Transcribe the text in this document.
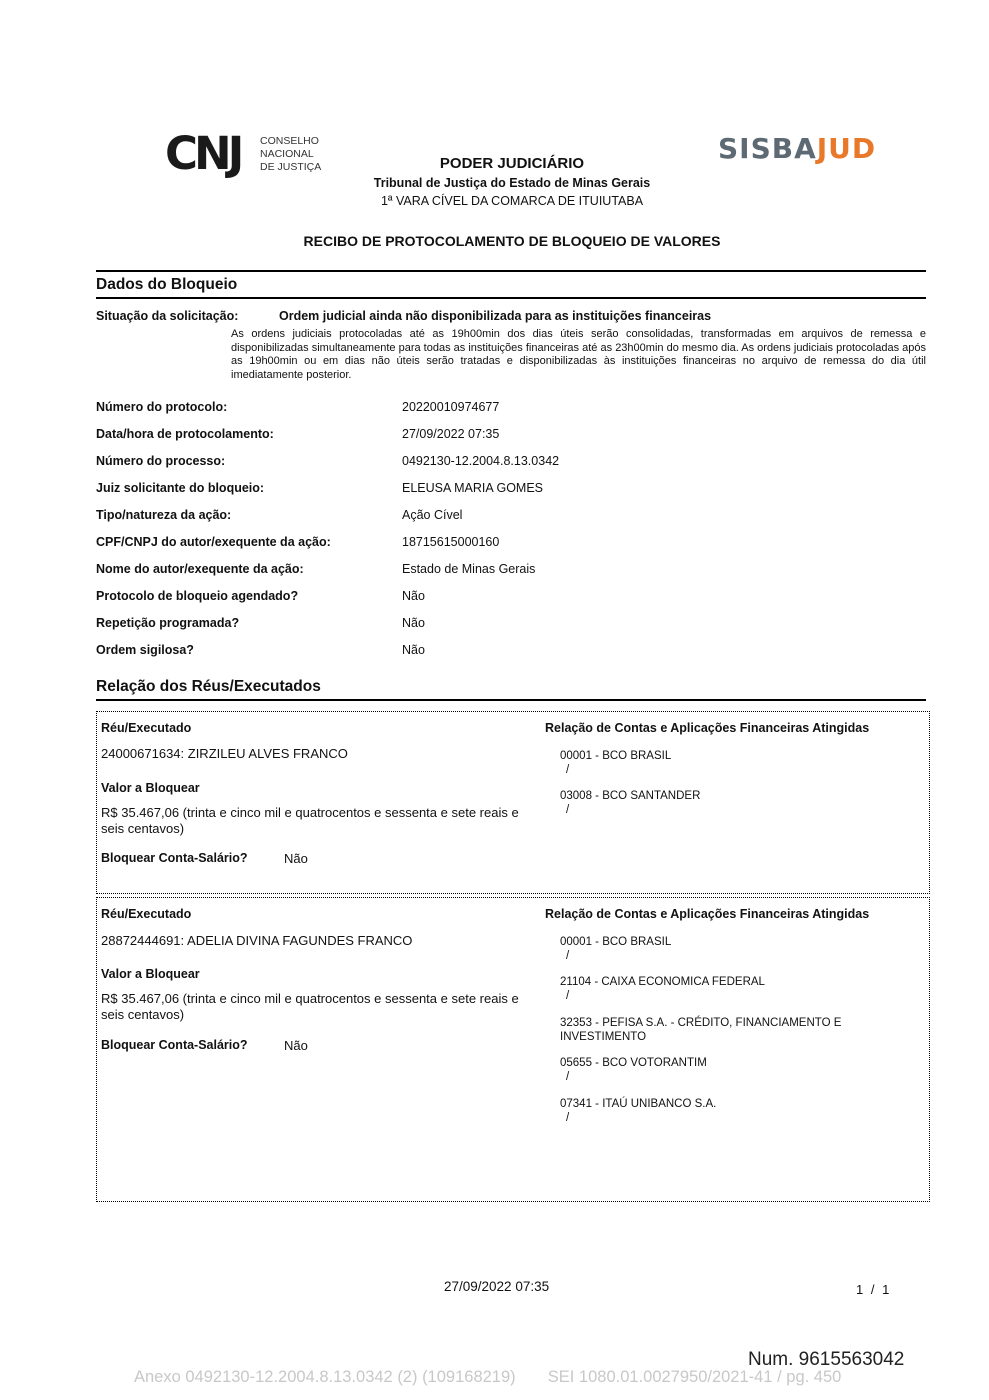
CNJ CONSELHO
NACIONAL
DE JUSTIÇA
SISBAJUD
PODER JUDICIÁRIO
Tribunal de Justiça do Estado de Minas Gerais
1ª VARA CÍVEL DA COMARCA DE ITUIUTABA
RECIBO DE PROTOCOLAMENTO DE BLOQUEIO DE VALORES
Dados do Bloqueio
Situação da solicitação:	Ordem judicial ainda não disponibilizada para as instituições financeiras
As ordens judiciais protocoladas até as 19h00min dos dias úteis serão consolidadas, transformadas em arquivos de remessa e disponibilizadas simultaneamente para todas as instituições financeiras até as 23h00min do mesmo dia. As ordens judiciais protocoladas após as 19h00min ou em dias não úteis serão tratadas e disponibilizadas às instituições financeiras no arquivo de remessa do dia útil imediatamente posterior.
Número do protocolo:	20220010974677
Data/hora de protocolamento:	27/09/2022 07:35
Número do processo:	0492130-12.2004.8.13.0342
Juiz solicitante do bloqueio:	ELEUSA MARIA GOMES
Tipo/natureza da ação:	Ação Cível
CPF/CNPJ do autor/exequente da ação:	18715615000160
Nome do autor/exequente da ação:	Estado de Minas Gerais
Protocolo de bloqueio agendado?	Não
Repetição programada?	Não
Ordem sigilosa?	Não
Relação dos Réus/Executados
Réu/Executado	Relação de Contas e Aplicações Financeiras Atingidas
24000671634: ZIRZILEU ALVES FRANCO
Valor a Bloquear
R$ 35.467,06 (trinta e cinco mil e quatrocentos e sessenta e sete reais e seis centavos)
Bloquear Conta-Salário?	Não
00001 - BCO BRASIL
/
03008 - BCO SANTANDER
/
Réu/Executado	Relação de Contas e Aplicações Financeiras Atingidas
28872444691: ADELIA DIVINA FAGUNDES FRANCO
Valor a Bloquear
R$ 35.467,06 (trinta e cinco mil e quatrocentos e sessenta e sete reais e seis centavos)
Bloquear Conta-Salário?	Não
00001 - BCO BRASIL
/
21104 - CAIXA ECONOMICA FEDERAL
/
32353 - PEFISA S.A. - CRÉDITO, FINANCIAMENTO E INVESTIMENTO
05655 - BCO VOTORANTIM
/
07341 - ITAÚ UNIBANCO S.A.
/
27/09/2022 07:35	1 / 1
Num. 9615563042
Anexo 0492130-12.2004.8.13.0342 (2) (109168219)       SEI 1080.01.0027950/2021-41 / pg. 450
